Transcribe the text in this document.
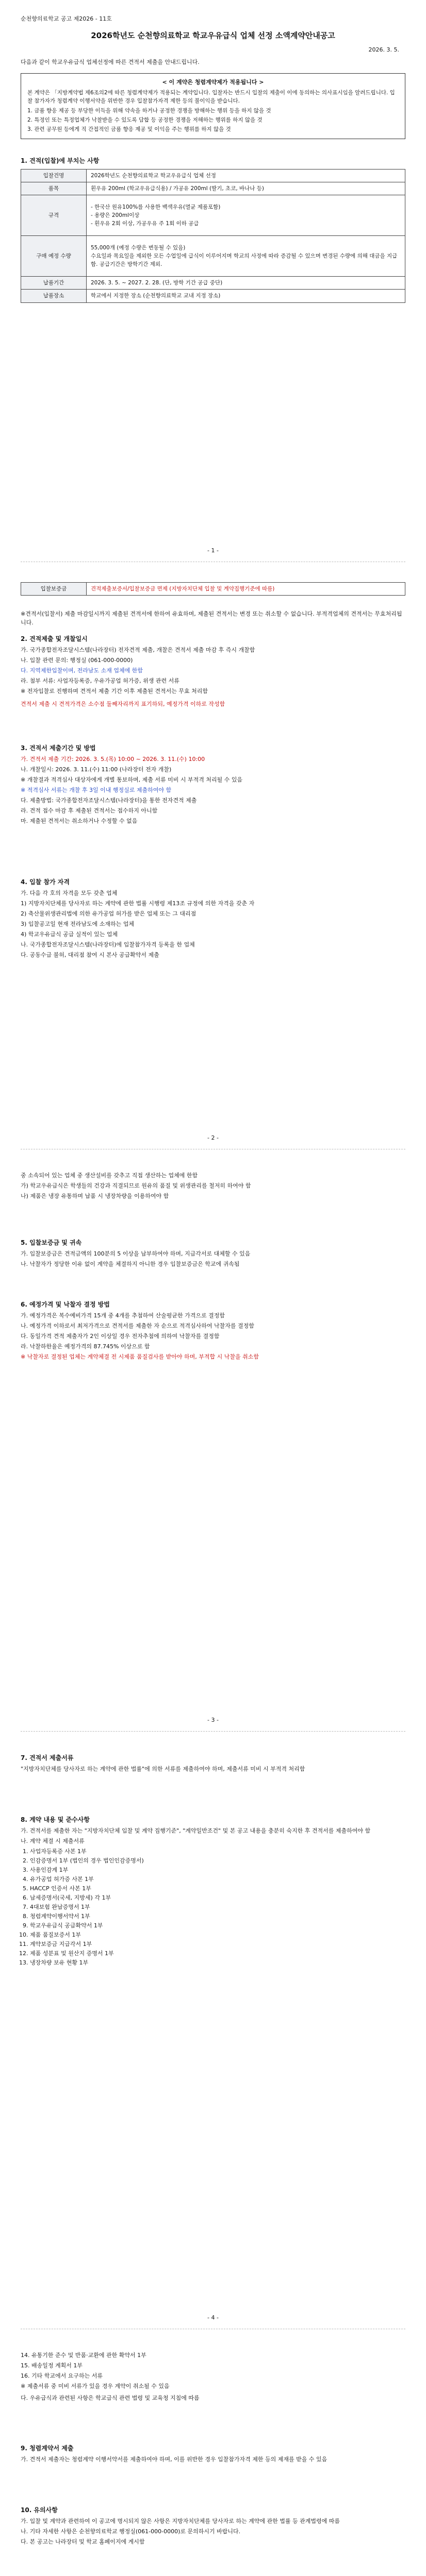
순천향의료학교 공고 제2026 - 11호
2026학년도 순천향의료학교 학교우유급식 업체 선정 소액계약안내공고
2026. 3. 5.
다음과 같이 학교우유급식 업체선정에 따른 견적서 제출을 안내드립니다.
< 이 계약은 청렴계약제가 적용됩니다 >

본 계약은 「지방계약법 제6조의2에 따른 청렴계약제가 적용되는 계약입니다. 입찰자는 반드시 입찰의 제출이 이에 동의하는 의사표시임을 알려드립니다. 입찰 참가자가 청렴계약 이행서약을 위반한 경우 입찰참가자격 제한 등의 불이익을 받습니다.

1. 금품 향응 제공 등 부당한 이득을 위해 약속을 하거나 공정한 경쟁을 방해하는 행위 등을 하지 않을 것

2. 특정인 또는 특정업체가 낙찰받을 수 있도록 담합 등 공정한 경쟁을 저해하는 행위를 하지 않을 것

3. 관련 공무원 등에게 직 간접적인 금품 향응 제공 및 이익을 주는 행위를 하지 않을 것

1. 견적(입찰)에 부치는 사항

입찰건명	2026학년도 순천향의료학교 학교우유급식 업체 선정
품목	흰우유 200ml (학교우유급식용) / 가공유 200ml (딸기, 초코, 바나나 등)
규격	- 한국산 원유100%를 사용한 백색우유(멸균 제품포함)
- 용량은 200ml이상
- 흰우유 2회 이상, 가공우유 주 1회 이하 공급
구매 예정 수량	55,000개 (예정 수량은 변동될 수 있음)
수요일과 목요일을 제외한 모든 수업일에 급식이 이루어지며 학교의 사정에 따라 증감될 수 있으며 변경된 수량에 의해 대금을 지급함. 공급기간은 방학기간 제외.
납품기간	2026. 3. 5. ~ 2027. 2. 28. (단, 방학 기간 공급 중단)
납품장소	학교에서 지정한 장소 (순천향의료학교 교내 지정 장소)
- 1 -
입찰보증금	견적제출보증서/입찰보증금 면제 (지방자치단체 입찰 및 계약집행기준에 따름)

※견적서(입찰서) 제출 마감일시까지 제출된 견적서에 한하여 유효하며, 제출된 견적서는 변경 또는 취소할 수 없습니다. 부적격업체의 견적서는 무효처리됩니다.

2. 견적제출 및 개찰일시

가. 국가종합전자조달시스템(나라장터) 전자견적 제출, 개찰은 견적서 제출 마감 후 즉시 개찰함

나. 입찰 관련 문의: 행정실 (061-000-0000)

다. 지역제한입찰이며, 전라남도 소재 업체에 한함

라. 첨부 서류: 사업자등록증, 우유가공업 허가증, 위생 관련 서류

※ 전자입찰로 진행하며 견적서 제출 기간 이후 제출된 견적서는 무효 처리함

견적서 제출 시 견적가격은 소수점 둘째자리까지 표기하되, 예정가격 이하로 작성함

3. 견적서 제출기간 및 방법

가. 견적서 제출 기간: 2026. 3. 5.(목) 10:00 ~ 2026. 3. 11.(수) 10:00

나. 개찰일시: 2026. 3. 11.(수) 11:00 (나라장터 전자 개찰)

※ 개찰결과 적격심사 대상자에게 개별 통보하며, 제출 서류 미비 시 부적격 처리될 수 있음

※ 적격심사 서류는 개찰 후 3일 이내 행정실로 제출하여야 함

다. 제출방법: 국가종합전자조달시스템(나라장터)을 통한 전자견적 제출

라. 견적 접수 마감 후 제출된 견적서는 접수하지 아니함

마. 제출된 견적서는 취소하거나 수정할 수 없음

4. 입찰 참가 자격

가. 다음 각 호의 자격을 모두 갖춘 업체

1) 지방자치단체를 당사자로 하는 계약에 관한 법률 시행령 제13조 규정에 의한 자격을 갖춘 자

2) 축산물위생관리법에 의한 유가공업 허가를 받은 업체 또는 그 대리점

3) 입찰공고일 현재 전라남도에 소재하는 업체

4) 학교우유급식 공급 실적이 있는 업체

나. 국가종합전자조달시스템(나라장터)에 입찰참가자격 등록을 한 업체

다. 공동수급 불허, 대리점 참여 시 본사 공급확약서 제출

- 2 -

중 소속되어 있는 업체 중 생산설비를 갖추고 직접 생산하는 업체에 한함

가) 학교우유급식은 학생들의 건강과 직결되므로 원유의 품질 및 위생관리를 철저히 하여야 함

나) 제품은 냉장 유통하며 납품 시 냉장차량을 이용하여야 함

5. 입찰보증금 및 귀속

가. 입찰보증금은 견적금액의 100분의 5 이상을 납부하여야 하며, 지급각서로 대체할 수 있음

나. 낙찰자가 정당한 이유 없이 계약을 체결하지 아니한 경우 입찰보증금은 학교에 귀속됨

6. 예정가격 및 낙찰자 결정 방법

가. 예정가격은 복수예비가격 15개 중 4개를 추첨하여 산술평균한 가격으로 결정함

나. 예정가격 이하로서 최저가격으로 견적서를 제출한 자 순으로 적격심사하여 낙찰자를 결정함

다. 동일가격 견적 제출자가 2인 이상일 경우 전자추첨에 의하여 낙찰자를 결정함

라. 낙찰하한율은 예정가격의 87.745% 이상으로 함

※ 낙찰자로 결정된 업체는 계약체결 전 시제품 품질검사를 받아야 하며, 부적합 시 낙찰을 취소함

- 3 -

7. 견적서 제출서류

"지방자치단체를 당사자로 하는 계약에 관한 법률"에 의한 서류를 제출하여야 하며, 제출서류 미비 시 부적격 처리함

8. 계약 내용 및 준수사항

가. 견적서를 제출한 자는 "지방자치단체 입찰 및 계약 집행기준", "계약일반조건" 및 본 공고 내용을 충분히 숙지한 후 견적서를 제출하여야 함

나. 계약 체결 시 제출서류

1. 사업자등록증 사본 1부
2. 인감증명서 1부 (법인의 경우 법인인감증명서)
3. 사용인감계 1부
4. 유가공업 허가증 사본 1부
5. HACCP 인증서 사본 1부
6. 납세증명서(국세, 지방세) 각 1부
7. 4대보험 완납증명서 1부
8. 청렴계약이행서약서 1부
9. 학교우유급식 공급확약서 1부
10. 제품 품질보증서 1부
11. 계약보증금 지급각서 1부
12. 제품 성분표 및 원산지 증명서 1부
13. 냉장차량 보유 현황 1부
- 4 -

14. 유통기한 준수 및 반품·교환에 관한 확약서 1부

15. 배송일정 계획서 1부

16. 기타 학교에서 요구하는 서류

※ 제출서류 중 미비 서류가 있을 경우 계약이 취소될 수 있음

다. 우유급식과 관련된 사항은 학교급식 관련 법령 및 교육청 지침에 따름

9. 청렴계약서 제출

가. 견적서 제출자는 청렴계약 이행서약서를 제출하여야 하며, 이를 위반한 경우 입찰참가자격 제한 등의 제재를 받을 수 있음

10. 유의사항

가. 입찰 및 계약과 관련하여 이 공고에 명시되지 않은 사항은 지방자치단체를 당사자로 하는 계약에 관한 법률 등 관계법령에 따름

나. 기타 자세한 사항은 순천향의료학교 행정실(061-000-0000)로 문의하시기 바랍니다.

다. 본 공고는 나라장터 및 학교 홈페이지에 게시함
